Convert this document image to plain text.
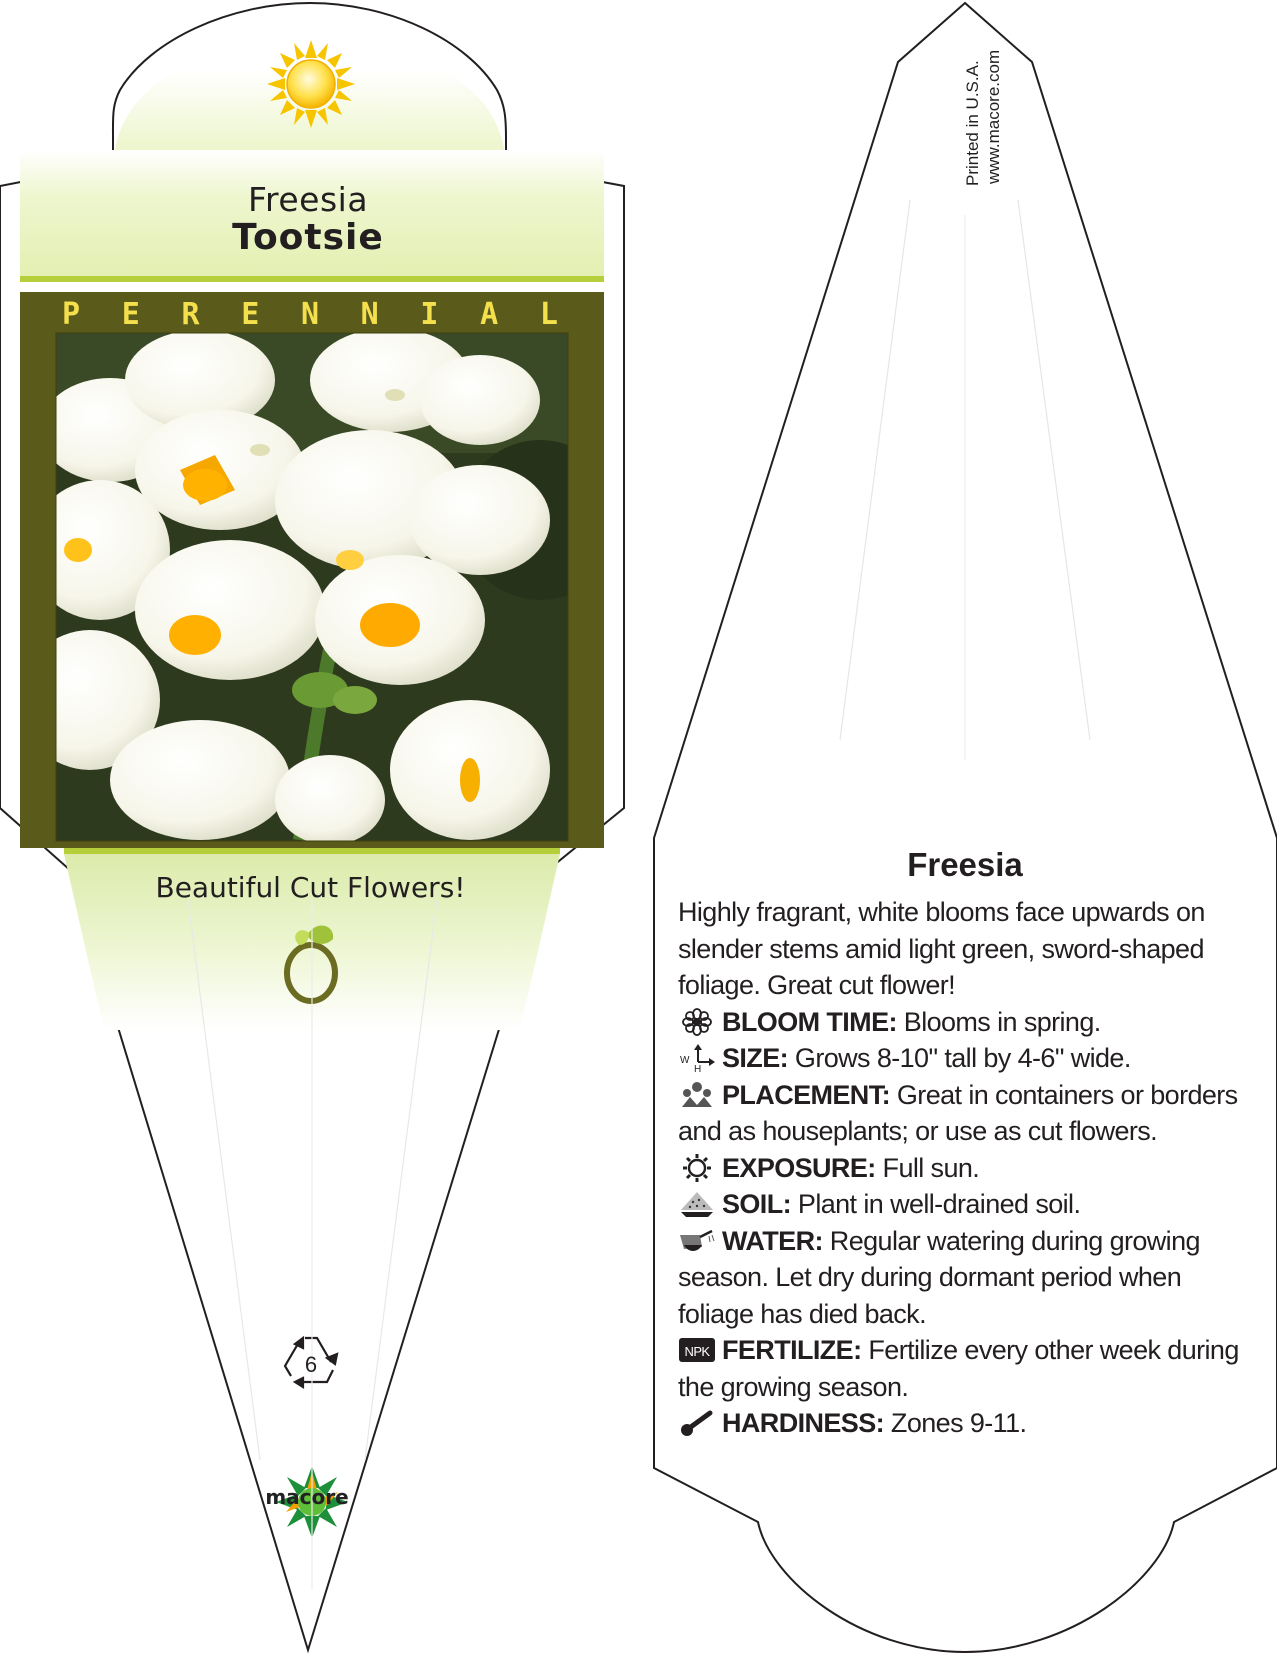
Freesia
Tootsie
P E R E N N I A L
Beautiful Cut Flowers!
6
macore
Printed in U.S.A. www.macore.com
Freesia
Highly fragrant, white blooms face upwards on slender stems amid light green, sword-shaped foliage. Great cut flower!
BLOOM TIME: Blooms in spring.
W
H SIZE: Grows 8-10" tall by 4-6" wide.
PLACEMENT: Great in containers or borders and as houseplants; or use as cut flowers.
EXPOSURE: Full sun.
SOIL: Plant in well-drained soil.
WATER: Regular watering during growing season. Let dry during dormant period when foliage has died back.
NPK FERTILIZE: Fertilize every other week during the growing season.
HARDINESS: Zones 9-11.
